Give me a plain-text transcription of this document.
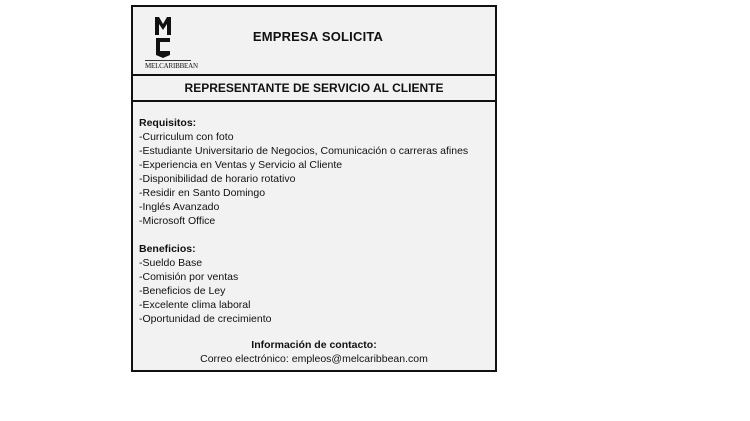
MELCARIBBEAN
EMPRESA SOLICITA
REPRESENTANTE DE SERVICIO AL CLIENTE
Requisitos:
-Curriculum con foto
-Estudiante Universitario de Negocios, Comunicación o carreras afines
-Experiencia en Ventas y Servicio al Cliente
-Disponibilidad de horario rotativo
-Residir en Santo Domingo
-Inglés Avanzado
-Microsoft Office
Beneficios:
-Sueldo Base
-Comisión por ventas
-Beneficios de Ley
-Excelente clima laboral
-Oportunidad de crecimiento
Información de contacto:
Correo electrónico: empleos@melcaribbean.com
